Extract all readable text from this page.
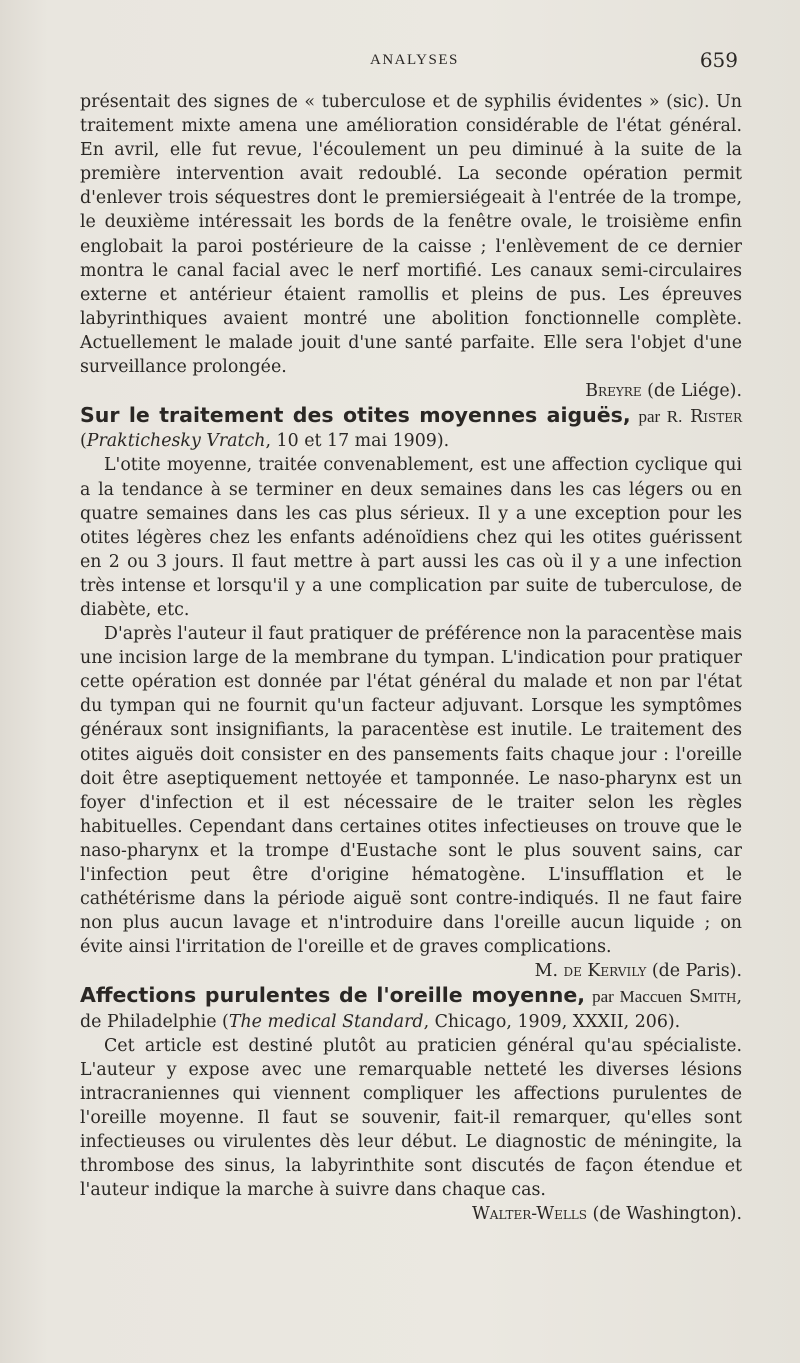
ANALYSES	659

présentait des signes de « tuberculose et de syphilis évidentes » (sic). Un traitement mixte amena une amélioration considérable de l'état général. En avril, elle fut revue, l'écoulement un peu diminué à la suite de la première intervention avait redoublé. La seconde opération permit d'enlever trois séquestres dont le premiersiégeait à l'entrée de la trompe, le deuxième intéressait les bords de la fenêtre ovale, le troisième enfin englobait la paroi postérieure de la caisse ; l'enlèvement de ce dernier montra le canal facial avec le nerf mortifié. Les canaux semi-circulaires externe et antérieur étaient ramollis et pleins de pus. Les épreuves labyrinthiques avaient montré une abolition fonctionnelle complète. Actuellement le malade jouit d'une santé parfaite. Elle sera l'objet d'une surveillance prolongée.

Breyre (de Liége).

Sur le traitement des otites moyennes aiguës, par R. Rister (Praktichesky Vratch, 10 et 17 mai 1909).

L'otite moyenne, traitée convenablement, est une affection cyclique qui a la tendance à se terminer en deux semaines dans les cas légers ou en quatre semaines dans les cas plus sérieux. Il y a une exception pour les otites légères chez les enfants adénoïdiens chez qui les otites guérissent en 2 ou 3 jours. Il faut mettre à part aussi les cas où il y a une infection très intense et lorsqu'il y a une complication par suite de tuberculose, de diabète, etc.

D'après l'auteur il faut pratiquer de préférence non la paracentèse mais une incision large de la membrane du tympan. L'indication pour pratiquer cette opération est donnée par l'état général du malade et non par l'état du tympan qui ne fournit qu'un facteur adjuvant. Lorsque les symptômes généraux sont insignifiants, la paracentèse est inutile. Le traitement des otites aiguës doit consister en des pansements faits chaque jour : l'oreille doit être aseptiquement nettoyée et tamponnée. Le naso-pharynx est un foyer d'infection et il est nécessaire de le traiter selon les règles habituelles. Cependant dans certaines otites infectieuses on trouve que le naso-pharynx et la trompe d'Eustache sont le plus souvent sains, car l'infection peut être d'origine hématogène. L'insufflation et le cathétérisme dans la période aiguë sont contre-indiqués. Il ne faut faire non plus aucun lavage et n'introduire dans l'oreille aucun liquide ; on évite ainsi l'irritation de l'oreille et de graves complications.

M. de Kervily (de Paris).

Affections purulentes de l'oreille moyenne, par Maccuen Smith, de Philadelphie (The medical Standard, Chicago, 1909, XXXII, 206).

Cet article est destiné plutôt au praticien général qu'au spécialiste. L'auteur y expose avec une remarquable netteté les diverses lésions intracraniennes qui viennent compliquer les affections purulentes de l'oreille moyenne. Il faut se souvenir, fait-il remarquer, qu'elles sont infectieuses ou virulentes dès leur début. Le diagnostic de méningite, la thrombose des sinus, la labyrinthite sont discutés de façon étendue et l'auteur indique la marche à suivre dans chaque cas.

Walter-Wells (de Washington).
